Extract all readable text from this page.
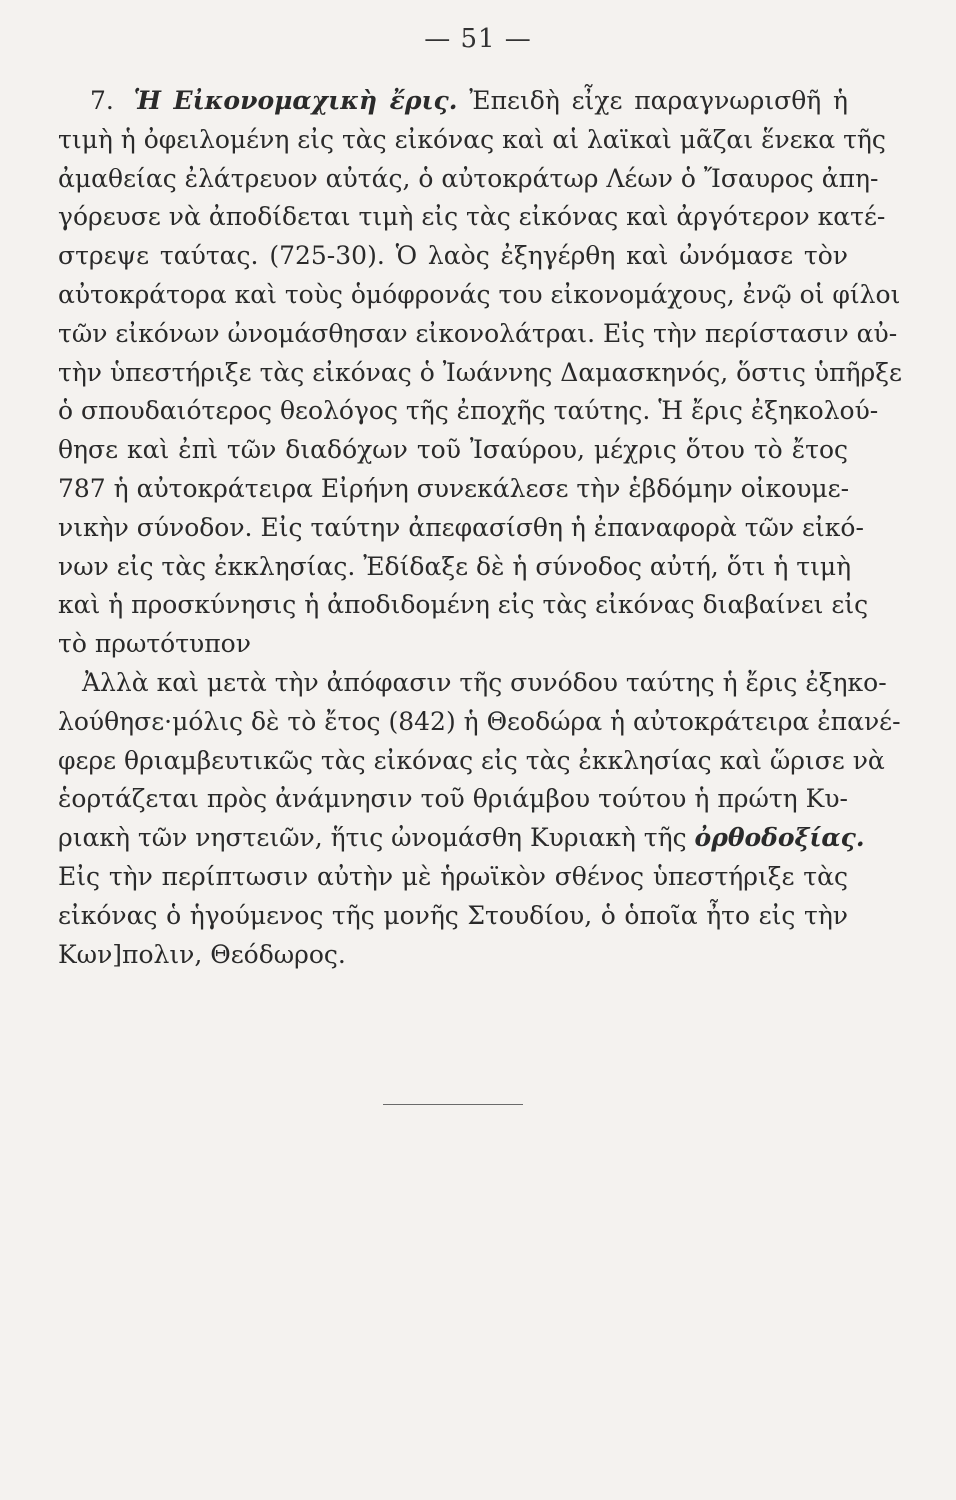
— 51 —
7. Ἡ Εἰκονομαχικὴ ἔρις. Ἐπειδὴ εἶχε παραγνωρισθῆ ἡ
τιμὴ ἡ ὀφειλομένη εἰς τὰς εἰκόνας καὶ αἱ λαϊκαὶ μᾶζαι ἕνεκα τῆς
ἀμαθείας ἐλάτρευον αὐτάς, ὁ αὐτοκράτωρ Λέων ὁ Ἴσαυρος ἀπη-
γόρευσε νὰ ἀποδίδεται τιμὴ εἰς τὰς εἰκόνας καὶ ἀργότερον κατέ-
στρεψε ταύτας. (725-30). Ὁ λαὸς ἐξηγέρθη καὶ ὠνόμασε τὸν
αὐτοκράτορα καὶ τοὺς ὁμόφρονάς του εἰκονομάχους, ἐνῷ οἱ φίλοι
τῶν εἰκόνων ὠνομάσθησαν εἰκονολάτραι. Εἰς τὴν περίστασιν αὐ-
τὴν ὑπεστήριξε τὰς εἰκόνας ὁ Ἰωάννης Δαμασκηνός, ὅστις ὑπῆρξε
ὁ σπουδαιότερος θεολόγος τῆς ἐποχῆς ταύτης. Ἡ ἔρις ἐξηκολού-
θησε καὶ ἐπὶ τῶν διαδόχων τοῦ Ἰσαύρου, μέχρις ὅτου τὸ ἔτος
787 ἡ αὐτοκράτειρα Εἰρήνη συνεκάλεσε τὴν ἑβδόμην οἰκουμε-
νικὴν σύνοδον. Εἰς ταύτην ἀπεφασίσθη ἡ ἐπαναφορὰ τῶν εἰκό-
νων εἰς τὰς ἐκκλησίας. Ἐδίδαξε δὲ ἡ σύνοδος αὐτή, ὅτι ἡ τιμὴ
καὶ ἡ προσκύνησις ἡ ἀποδιδομένη εἰς τὰς εἰκόνας διαβαίνει εἰς
τὸ πρωτότυπον
Ἀλλὰ καὶ μετὰ τὴν ἀπόφασιν τῆς συνόδου ταύτης ἡ ἔρις ἐξηκο-
λούθησε·μόλις δὲ τὸ ἔτος (842) ἡ Θεοδώρα ἡ αὐτοκράτειρα ἐπανέ-
φερε θριαμβευτικῶς τὰς εἰκόνας εἰς τὰς ἐκκλησίας καὶ ὥρισε νὰ
ἑορτάζεται πρὸς ἀνάμνησιν τοῦ θριάμβου τούτου ἡ πρώτη Κυ-
ριακὴ τῶν νηστειῶν, ἥτις ὠνομάσθη Κυριακὴ τῆς ὀρθοδοξίας.
Εἰς τὴν περίπτωσιν αὐτὴν μὲ ἡρωϊκὸν σθένος ὑπεστήριξε τὰς
εἰκόνας ὁ ἡγούμενος τῆς μονῆς Στουδίου, ὁ ὁποῖα ἦτο εἰς τὴν
Κων]πολιν, Θεόδωρος.
